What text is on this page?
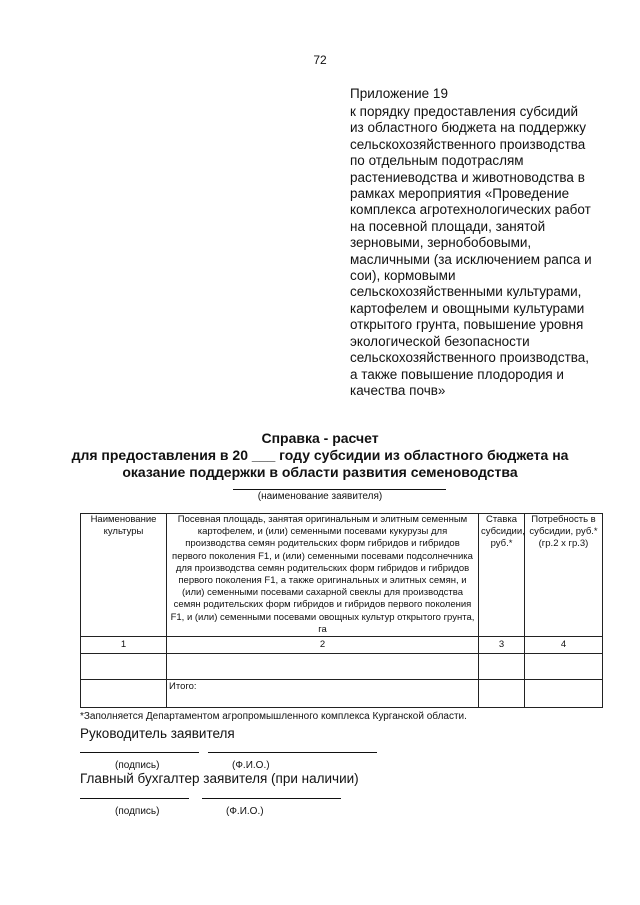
72
Приложение 19
к порядку предоставления субсидий
из областного бюджета на поддержку
сельскохозяйственного производства
по отдельным подотраслям
растениеводства и животноводства в
рамках мероприятия «Проведение
комплекса агротехнологических работ
на посевной площади, занятой
зерновыми, зернобобовыми,
масличными (за исключением рапса и
сои), кормовыми
сельскохозяйственными культурами,
картофелем и овощными культурами
открытого грунта, повышение уровня
экологической безопасности
сельскохозяйственного производства,
а также повышение плодородия и
качества почв»
Справка - расчет
для предоставления в 20 ___ году субсидии из областного бюджета на
оказание поддержки в области развития семеноводства
(наименование заявителя)
Наименование культуры	Посевная площадь, занятая оригинальным и элитным семенным картофелем, и (или) семенными посевами кукурузы для производства семян родительских форм гибридов и гибридов первого поколения F1, и (или) семенными посевами подсолнечника для производства семян родительских форм гибридов и гибридов первого поколения F1, а также оригинальных и элитных семян, и (или) семенными посевами сахарной свеклы для производства семян родительских форм гибридов и гибридов первого поколения F1, и (или) семенными посевами овощных культур открытого грунта, га	Ставка субсидии, руб.*	Потребность в субсидии, руб.* (гр.2 х гр.3)
1	2	3	4

	Итого:		
*Заполняется Департаментом агропромышленного комплекса Курганской области.
Руководитель заявителя
(подпись)	(Ф.И.О.)
Главный бухгалтер заявителя (при наличии)
(подпись)	(Ф.И.О.)
